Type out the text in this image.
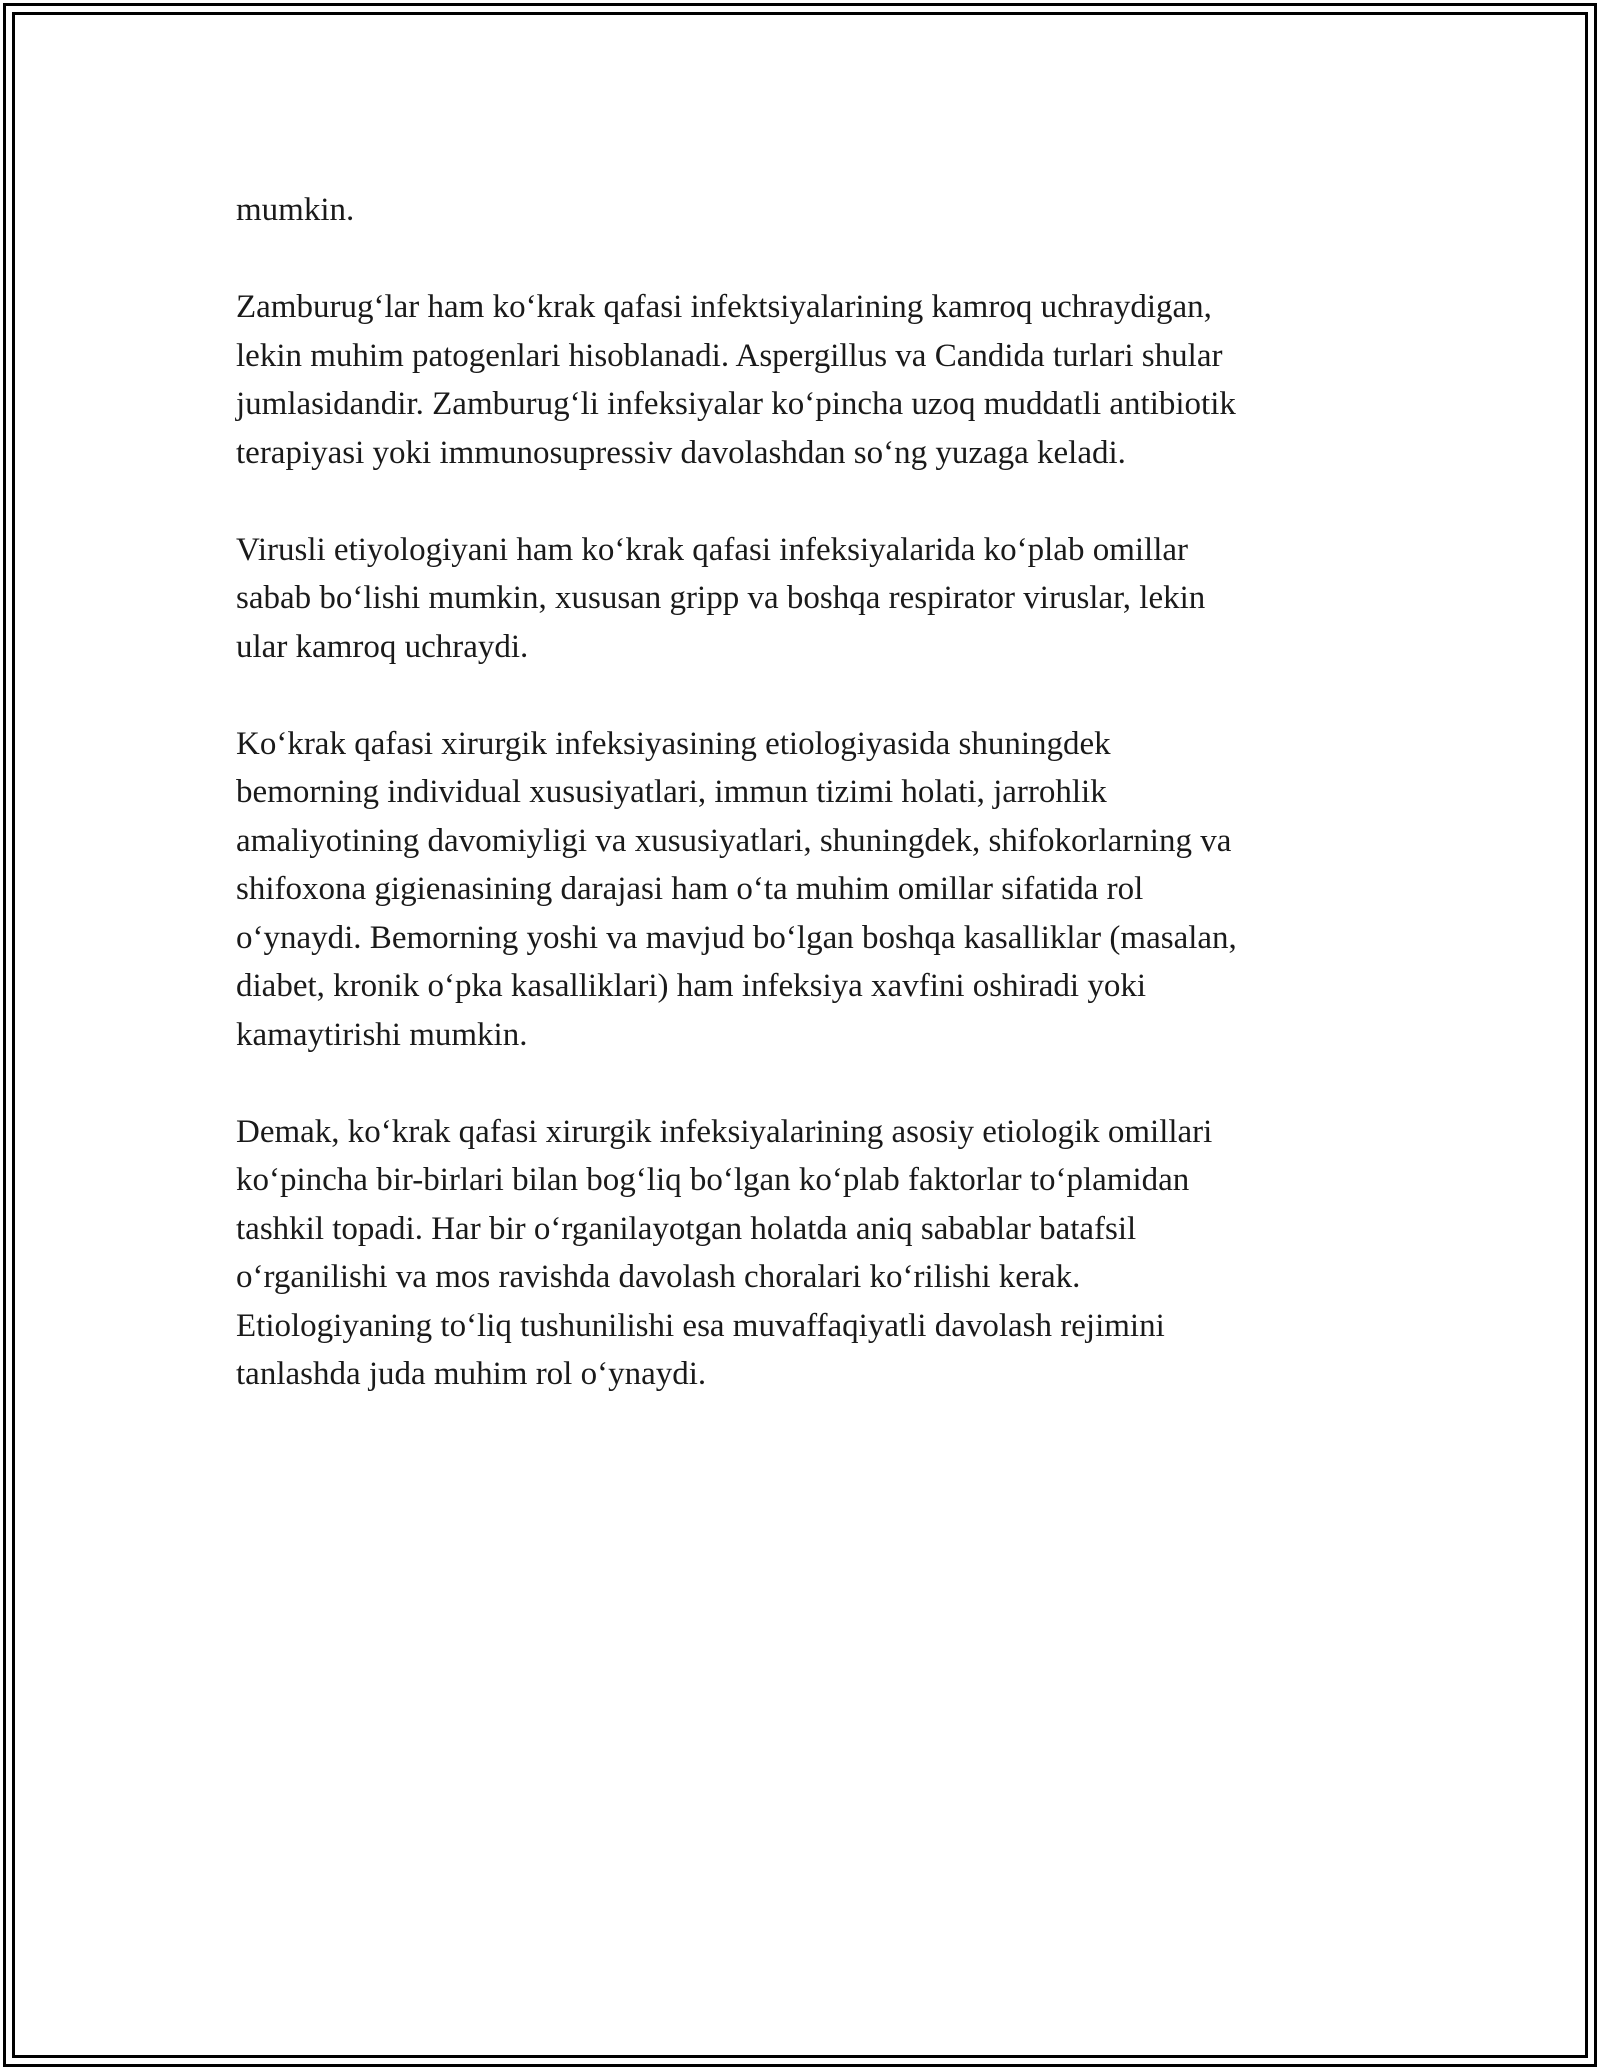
mumkin.

Zamburug‘lar ham ko‘krak qafasi infektsiyalarining kamroq uchraydigan,
lekin muhim patogenlari hisoblanadi. Aspergillus va Candida turlari shular
jumlasidandir. Zamburug‘li infeksiyalar ko‘pincha uzoq muddatli antibiotik
terapiyasi yoki immunosupressiv davolashdan so‘ng yuzaga keladi.

Virusli etiyologiyani ham ko‘krak qafasi infeksiyalarida ko‘plab omillar
sabab bo‘lishi mumkin, xususan gripp va boshqa respirator viruslar, lekin
ular kamroq uchraydi.

Ko‘krak qafasi xirurgik infeksiyasining etiologiyasida shuningdek
bemorning individual xususiyatlari, immun tizimi holati, jarrohlik
amaliyotining davomiyligi va xususiyatlari, shuningdek, shifokorlarning va
shifoxona gigienasining darajasi ham o‘ta muhim omillar sifatida rol
o‘ynaydi. Bemorning yoshi va mavjud bo‘lgan boshqa kasalliklar (masalan,
diabet, kronik o‘pka kasalliklari) ham infeksiya xavfini oshiradi yoki
kamaytirishi mumkin.

Demak, ko‘krak qafasi xirurgik infeksiyalarining asosiy etiologik omillari
ko‘pincha bir-birlari bilan bog‘liq bo‘lgan ko‘plab faktorlar to‘plamidan
tashkil topadi. Har bir o‘rganilayotgan holatda aniq sabablar batafsil
o‘rganilishi va mos ravishda davolash choralari ko‘rilishi kerak.
Etiologiyaning to‘liq tushunilishi esa muvaffaqiyatli davolash rejimini
tanlashda juda muhim rol o‘ynaydi.
